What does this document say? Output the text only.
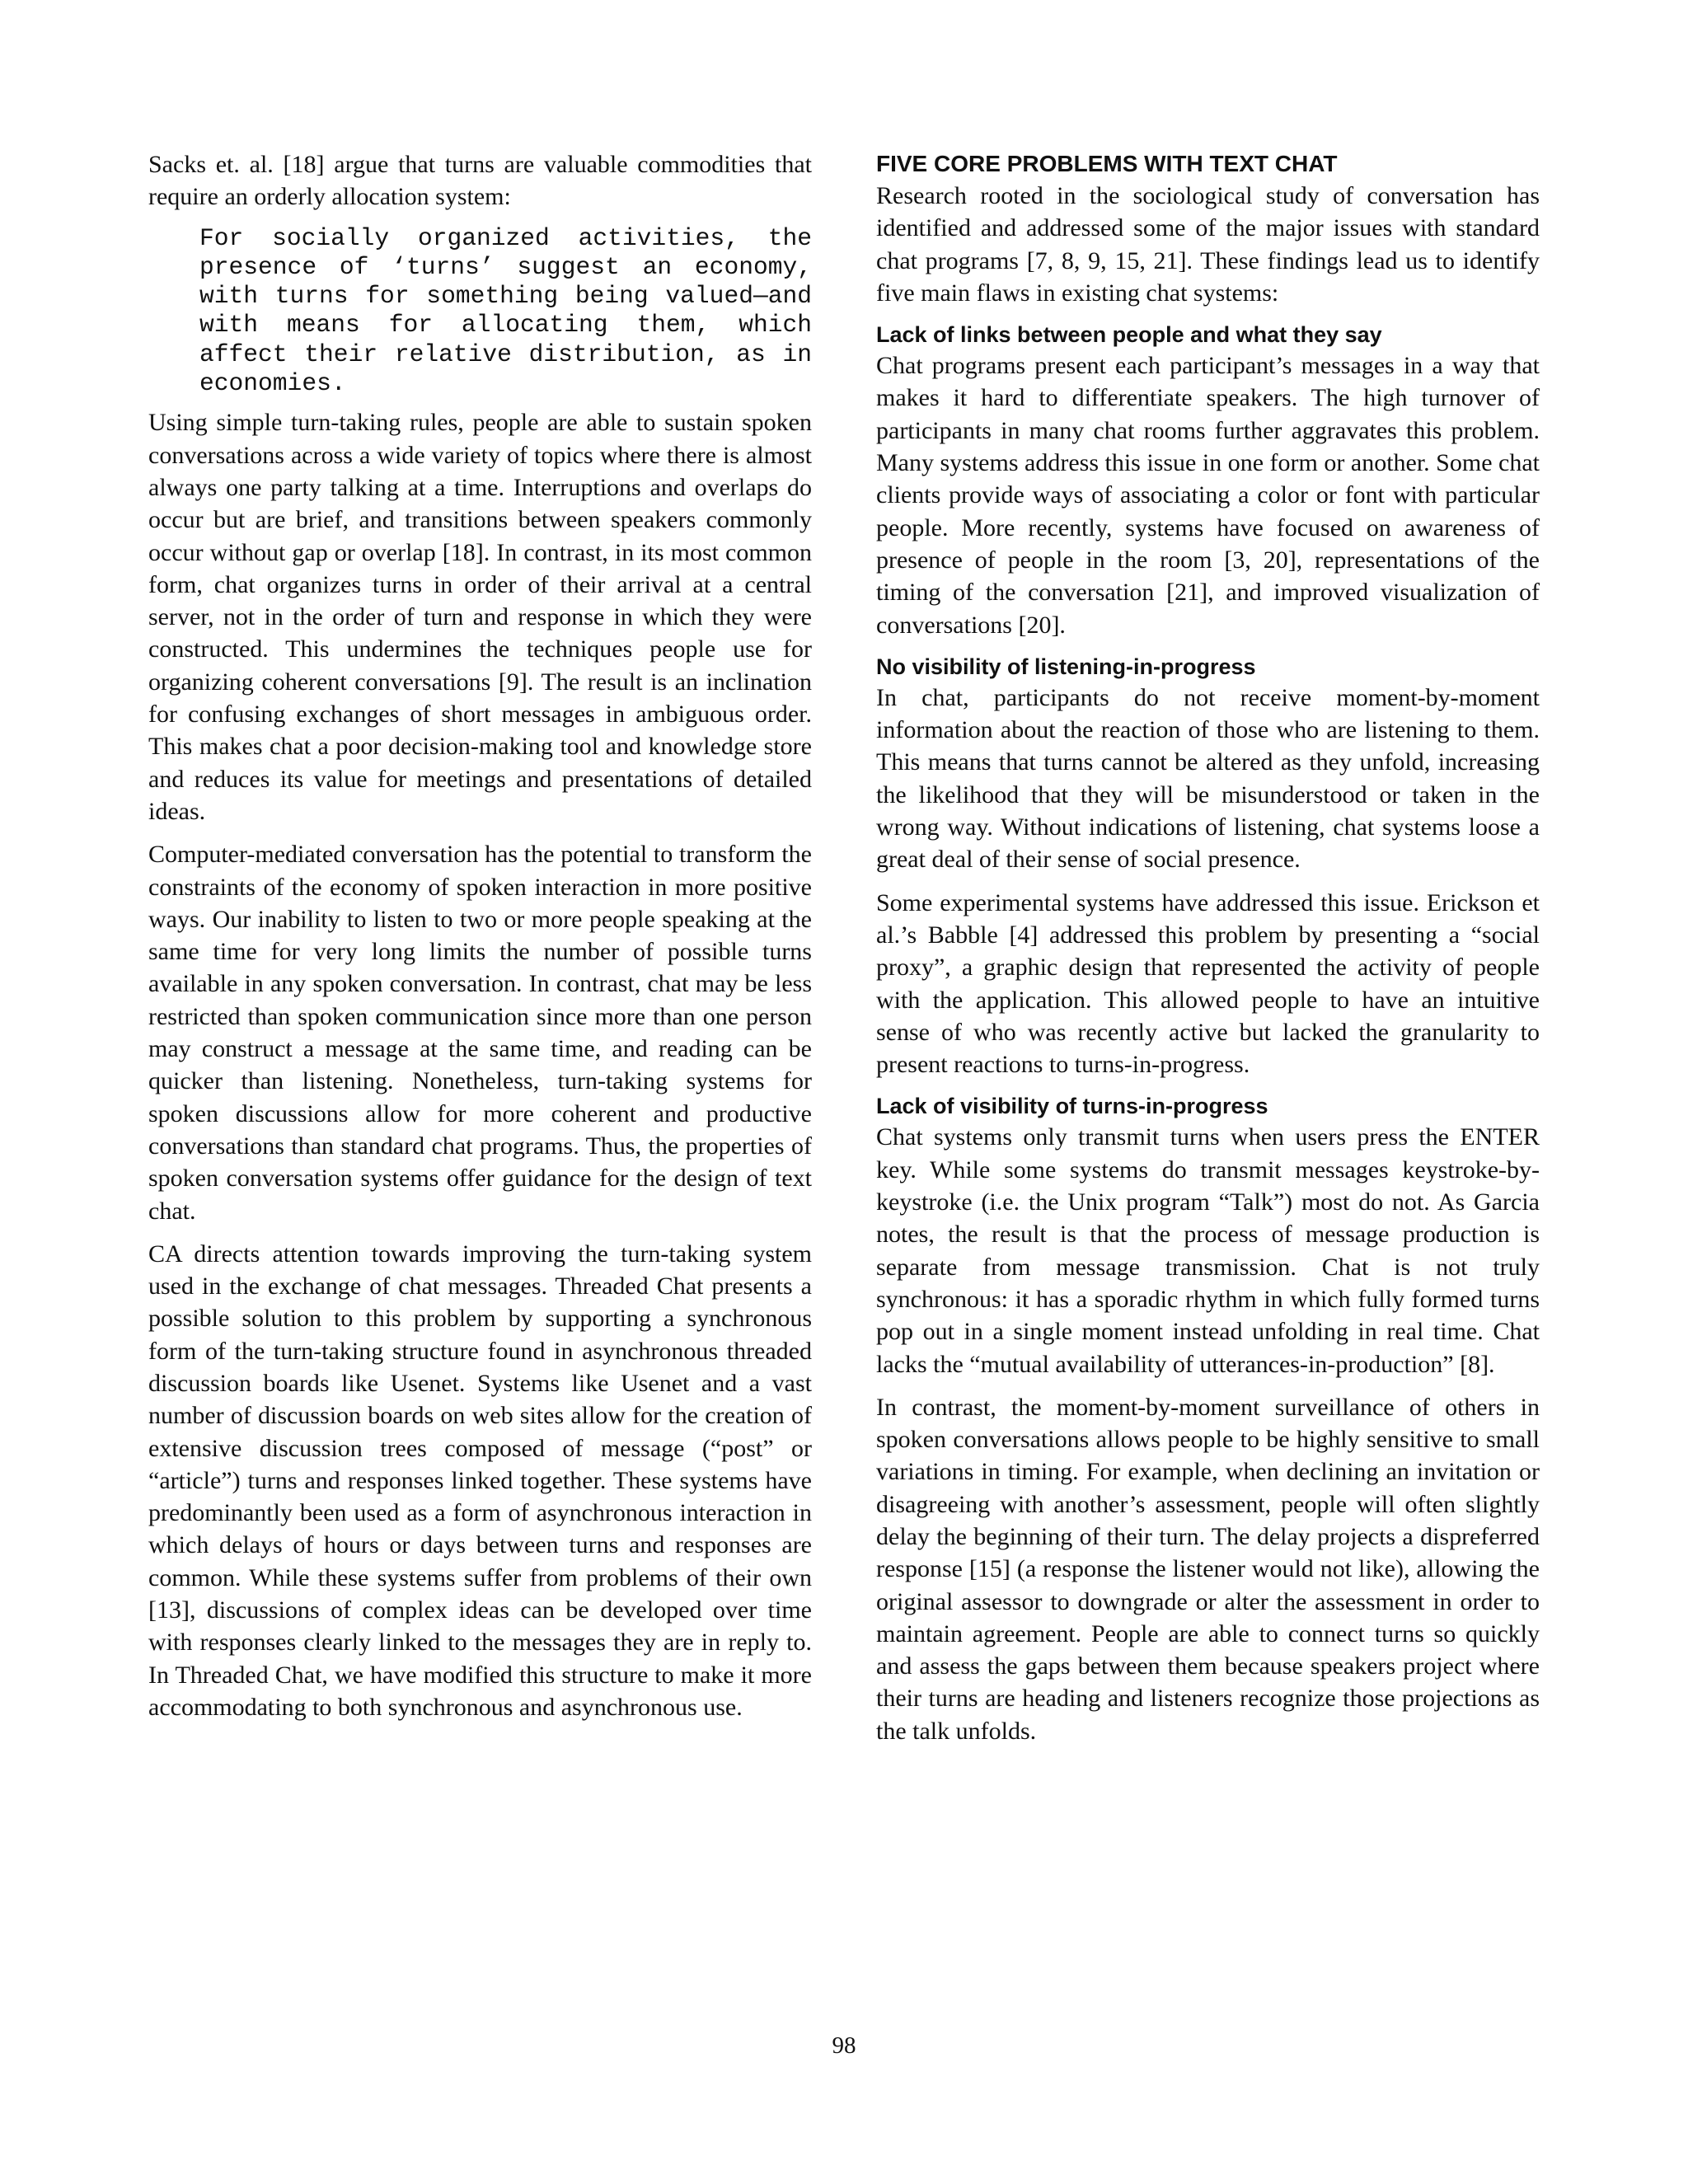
Sacks et. al. [18] argue that turns are valuable commodities that require an orderly allocation system:

For socially organized activities, the presence of ‘turns’ suggest an economy, with turns for something being valued—and with means for allocating them, which affect their relative distribution, as in economies.

Using simple turn-taking rules, people are able to sustain spoken conversations across a wide variety of topics where there is almost always one party talking at a time. Interruptions and overlaps do occur but are brief, and transitions between speakers commonly occur without gap or overlap [18]. In contrast, in its most common form, chat organizes turns in order of their arrival at a central server, not in the order of turn and response in which they were constructed. This undermines the techniques people use for organizing coherent conversations [9]. The result is an inclination for confusing exchanges of short messages in ambiguous order. This makes chat a poor decision-making tool and knowledge store and reduces its value for meetings and presentations of detailed ideas.

Computer-mediated conversation has the potential to transform the constraints of the economy of spoken interaction in more positive ways. Our inability to listen to two or more people speaking at the same time for very long limits the number of possible turns available in any spoken conversation. In contrast, chat may be less restricted than spoken communication since more than one person may construct a message at the same time, and reading can be quicker than listening. Nonetheless, turn-taking systems for spoken discussions allow for more coherent and productive conversations than standard chat programs. Thus, the properties of spoken conversation systems offer guidance for the design of text chat.

CA directs attention towards improving the turn-taking system used in the exchange of chat messages. Threaded Chat presents a possible solution to this problem by supporting a synchronous form of the turn-taking structure found in asynchronous threaded discussion boards like Usenet. Systems like Usenet and a vast number of discussion boards on web sites allow for the creation of extensive discussion trees composed of message (“post” or “article”) turns and responses linked together. These systems have predominantly been used as a form of asynchronous interaction in which delays of hours or days between turns and responses are common. While these systems suffer from problems of their own [13], discussions of complex ideas can be developed over time with responses clearly linked to the messages they are in reply to. In Threaded Chat, we have modified this structure to make it more accommodating to both synchronous and asynchronous use.

FIVE CORE PROBLEMS WITH TEXT CHAT

Research rooted in the sociological study of conversation has identified and addressed some of the major issues with standard chat programs [7, 8, 9, 15, 21]. These findings lead us to identify five main flaws in existing chat systems:

Lack of links between people and what they say

Chat programs present each participant’s messages in a way that makes it hard to differentiate speakers. The high turnover of participants in many chat rooms further aggravates this problem. Many systems address this issue in one form or another. Some chat clients provide ways of associating a color or font with particular people. More recently, systems have focused on awareness of presence of people in the room [3, 20], representations of the timing of the conversation [21], and improved visualization of conversations [20].

No visibility of listening-in-progress

In chat, participants do not receive moment-by-moment information about the reaction of those who are listening to them. This means that turns cannot be altered as they unfold, increasing the likelihood that they will be misunderstood or taken in the wrong way. Without indications of listening, chat systems loose a great deal of their sense of social presence.

Some experimental systems have addressed this issue. Erickson et al.’s Babble [4] addressed this problem by presenting a “social proxy”, a graphic design that represented the activity of people with the application. This allowed people to have an intuitive sense of who was recently active but lacked the granularity to present reactions to turns-in-progress.

Lack of visibility of turns-in-progress

Chat systems only transmit turns when users press the ENTER key. While some systems do transmit messages keystroke-by-keystroke (i.e. the Unix program “Talk”) most do not. As Garcia notes, the result is that the process of message production is separate from message transmission. Chat is not truly synchronous: it has a sporadic rhythm in which fully formed turns pop out in a single moment instead unfolding in real time. Chat lacks the “mutual availability of utterances-in-production” [8].

In contrast, the moment-by-moment surveillance of others in spoken conversations allows people to be highly sensitive to small variations in timing. For example, when declining an invitation or disagreeing with another’s assessment, people will often slightly delay the beginning of their turn. The delay projects a dispreferred response [15] (a response the listener would not like), allowing the original assessor to downgrade or alter the assessment in order to maintain agreement. People are able to connect turns so quickly and assess the gaps between them because speakers project where their turns are heading and listeners recognize those projections as the talk unfolds.

98
